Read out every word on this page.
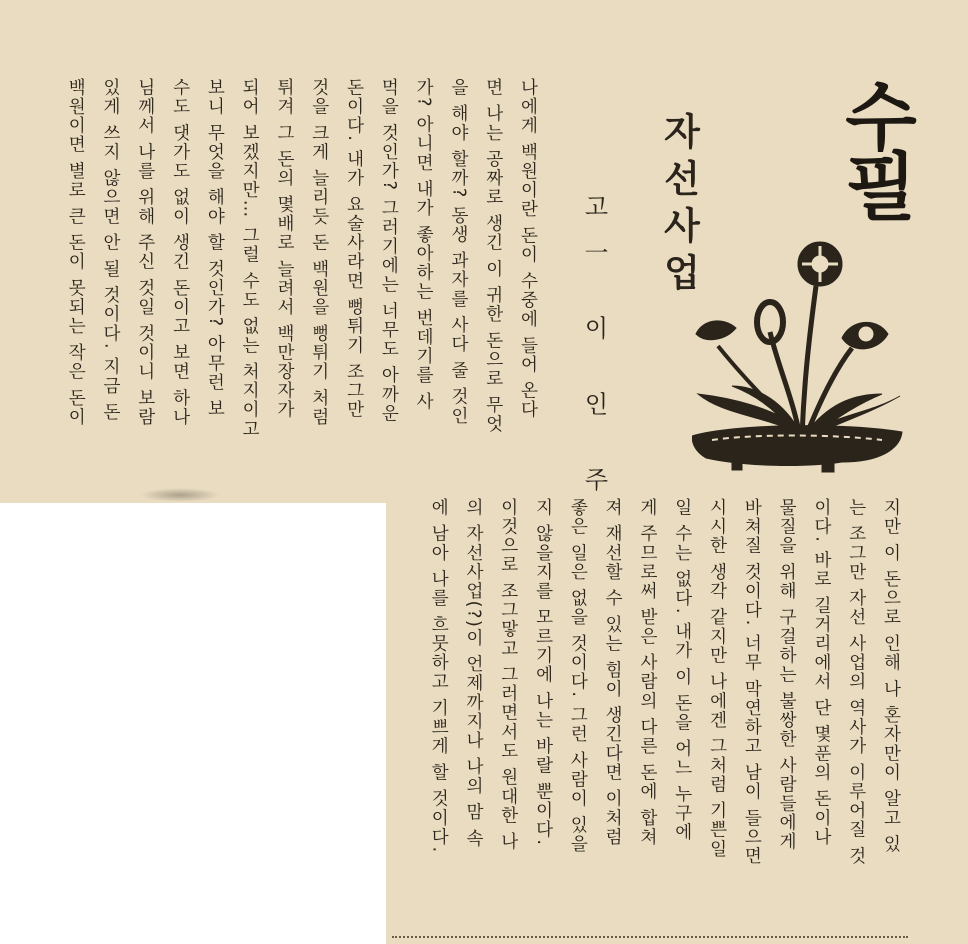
수필
자선사업
고一 이 인 주
나에게 백원이란 돈이 수중에 들어 온다
면 나는 공짜로 생긴 이 귀한 돈으로 무엇
을 해야 할까? 동생 과자를 사다 줄 것인
가? 아니면 내가 좋아하는 번데기를 사
먹을 것인가? 그러기에는 너무도 아까운
돈이다. 내가 요술사라면 뻥튀기 조그만
것을 크게 늘리듯 돈 백원을 뻥튀기 처럼
튀겨 그 돈의 몇배로 늘려서 백만장자가
되어 보겠지만… 그럴 수도 없는 처지이고
보니 무엇을 해야 할 것인가? 아무런 보
수도 댓가도 없이 생긴 돈이고 보면 하나
님께서 나를 위해 주신 것일 것이니 보람
있게 쓰지 않으면 안 될 것이다. 지금 돈
백원이면 별로 큰 돈이 못되는 작은 돈이
지만 이 돈으로 인해 나 혼자만이 알고 있
는 조그만 자선 사업의 역사가 이루어질 것
이다. 바로 길거리에서 단 몇푼의 돈이나
물질을 위해 구걸하는 불쌍한 사람들에게
바쳐질 것이다. 너무 막연하고 남이 들으면
시시한 생각 같지만 나에겐 그처럼 기쁜일
일 수는 없다. 내가 이 돈을 어느 누구에
게 주므로써 받은 사람의 다른 돈에 합쳐
져 재선할 수 있는 힘이 생긴다면 이처럼
좋은 일은 없을 것이다. 그런 사람이 있을
지 않을지를 모르기에 나는 바랄 뿐이다.
이것으로 조그맣고 그러면서도 원대한 나
의 자선사업(?)이 언제까지나 나의 맘 속
에 남아 나를 흐뭇하고 기쁘게 할 것이다.
